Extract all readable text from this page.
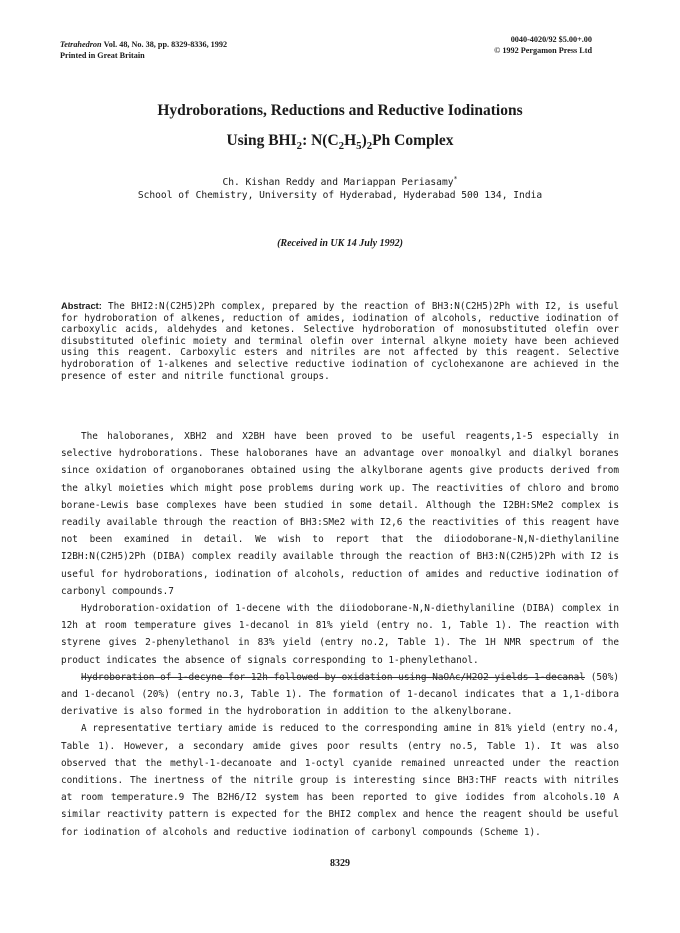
Tetrahedron Vol. 48, No. 38, pp. 8329-8336, 1992
Printed in Great Britain
0040-4020/92 $5.00+.00
© 1992 Pergamon Press Ltd
Hydroborations, Reductions and Reductive Iodinations
Using $BHI_2$: $N(C_2H_5)_2Ph$ Complex
Ch. Kishan Reddy and Mariappan Periasamy*
School of Chemistry, University of Hyderabad, Hyderabad 500 134, India
(Received in UK 14 July 1992)
Abstract: The BHI2:N(C2H5)2Ph complex, prepared by the reaction of BH3:N(C2H5)2Ph with I2, is useful for hydroboration of alkenes, reduction of amides, iodination of alcohols, reductive iodination of carboxylic acids, aldehydes and ketones. Selective hydroboration of monosubstituted olefin over disubstituted olefinic moiety and terminal olefin over internal alkyne moiety have been achieved using this reagent. Carboxylic esters and nitriles are not affected by this reagent. Selective hydroboration of 1-alkenes and selective reductive iodination of cyclohexanone are achieved in the presence of ester and nitrile functional groups.

The haloboranes, XBH2 and X2BH have been proved to be useful reagents,1-5 especially in selective hydroborations. These haloboranes have an advantage over monoalkyl and dialkyl boranes since oxidation of organoboranes obtained using the alkylborane agents give products derived from the alkyl moieties which might pose problems during work up. The reactivities of chloro and bromo borane-Lewis base complexes have been studied in some detail. Although the I2BH:SMe2 complex is readily available through the reaction of BH3:SMe2 with I2,6 the reactivities of this reagent have not been examined in detail. We wish to report that the diiodoborane-N,N-diethylaniline I2BH:N(C2H5)2Ph (DIBA) complex readily available through the reaction of BH3:N(C2H5)2Ph with I2 is useful for hydroborations, iodination of alcohols, reduction of amides and reductive iodination of carbonyl compounds.7

Hydroboration-oxidation of 1-decene with the diiodoborane-N,N-diethylaniline (DIBA) complex in 12h at room temperature gives 1-decanol in 81% yield (entry no. 1, Table 1). The reaction with styrene gives 2-phenylethanol in 83% yield (entry no.2, Table 1). The 1H NMR spectrum of the product indicates the absence of signals corresponding to 1-phenylethanol.

Hydroboration of 1-decyne for 12h followed by oxidation using NaOAc/H2O2 yields 1-decanal (50%) and 1-decanol (20%) (entry no.3, Table 1). The formation of 1-decanol indicates that a 1,1-dibora derivative is also formed in the hydroboration in addition to the alkenylborane.

A representative tertiary amide is reduced to the corresponding amine in 81% yield (entry no.4, Table 1). However, a secondary amide gives poor results (entry no.5, Table 1). It was also observed that the methyl-1-decanoate and 1-octyl cyanide remained unreacted under the reaction conditions. The inertness of the nitrile group is interesting since BH3:THF reacts with nitriles at room temperature.9 The B2H6/I2 system has been reported to give iodides from alcohols.10 A similar reactivity pattern is expected for the BHI2 complex and hence the reagent should be useful for iodination of alcohols and reductive iodination of carbonyl compounds (Scheme 1).

8329
